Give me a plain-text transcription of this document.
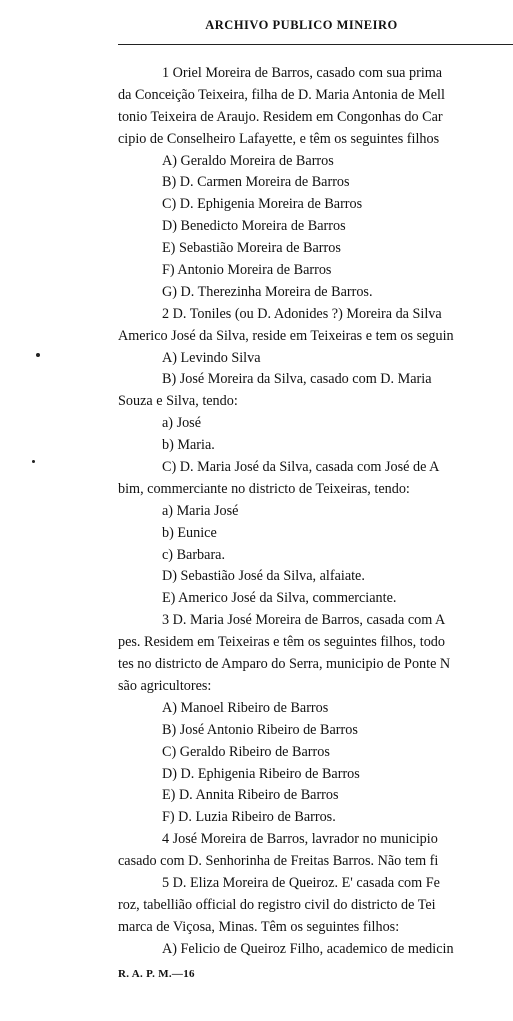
ARCHIVO PUBLICO MINEIRO
1 Oriel Moreira de Barros, casado com sua prima
da Conceição Teixeira, filha de D. Maria Antonia de Mell
tonio Teixeira de Araujo. Residem em Congonhas do Car
cipio de Conselheiro Lafayette, e têm os seguintes filhos
A) Geraldo Moreira de Barros
B) D. Carmen Moreira de Barros
C) D. Ephigenia Moreira de Barros
D) Benedicto Moreira de Barros
E) Sebastião Moreira de Barros
F) Antonio Moreira de Barros
G) D. Therezinha Moreira de Barros.
2 D. Toniles (ou D. Adonides ?) Moreira da Silva
Americo José da Silva, reside em Teixeiras e tem os seguin
A) Levindo Silva
B) José Moreira da Silva, casado com D. Maria
Souza e Silva, tendo:
a) José
b) Maria.
C) D. Maria José da Silva, casada com José de A
bim, commerciante no districto de Teixeiras, tendo:
a) Maria José
b) Eunice
c) Barbara.
D) Sebastião José da Silva, alfaiate.
E) Americo José da Silva, commerciante.
3 D. Maria José Moreira de Barros, casada com A
pes. Residem em Teixeiras e têm os seguintes filhos, todo
tes no districto de Amparo do Serra, municipio de Ponte N
são agricultores:
A) Manoel Ribeiro de Barros
B) José Antonio Ribeiro de Barros
C) Geraldo Ribeiro de Barros
D) D. Ephigenia Ribeiro de Barros
E) D. Annita Ribeiro de Barros
F) D. Luzia Ribeiro de Barros.
4 José Moreira de Barros, lavrador no municipio
casado com D. Senhorinha de Freitas Barros. Não tem fi
5 D. Eliza Moreira de Queiroz. E' casada com Fe
roz, tabellião official do registro civil do districto de Tei
marca de Viçosa, Minas. Têm os seguintes filhos:
A) Felicio de Queiroz Filho, academico de medicin
R. A. P. M.—16
